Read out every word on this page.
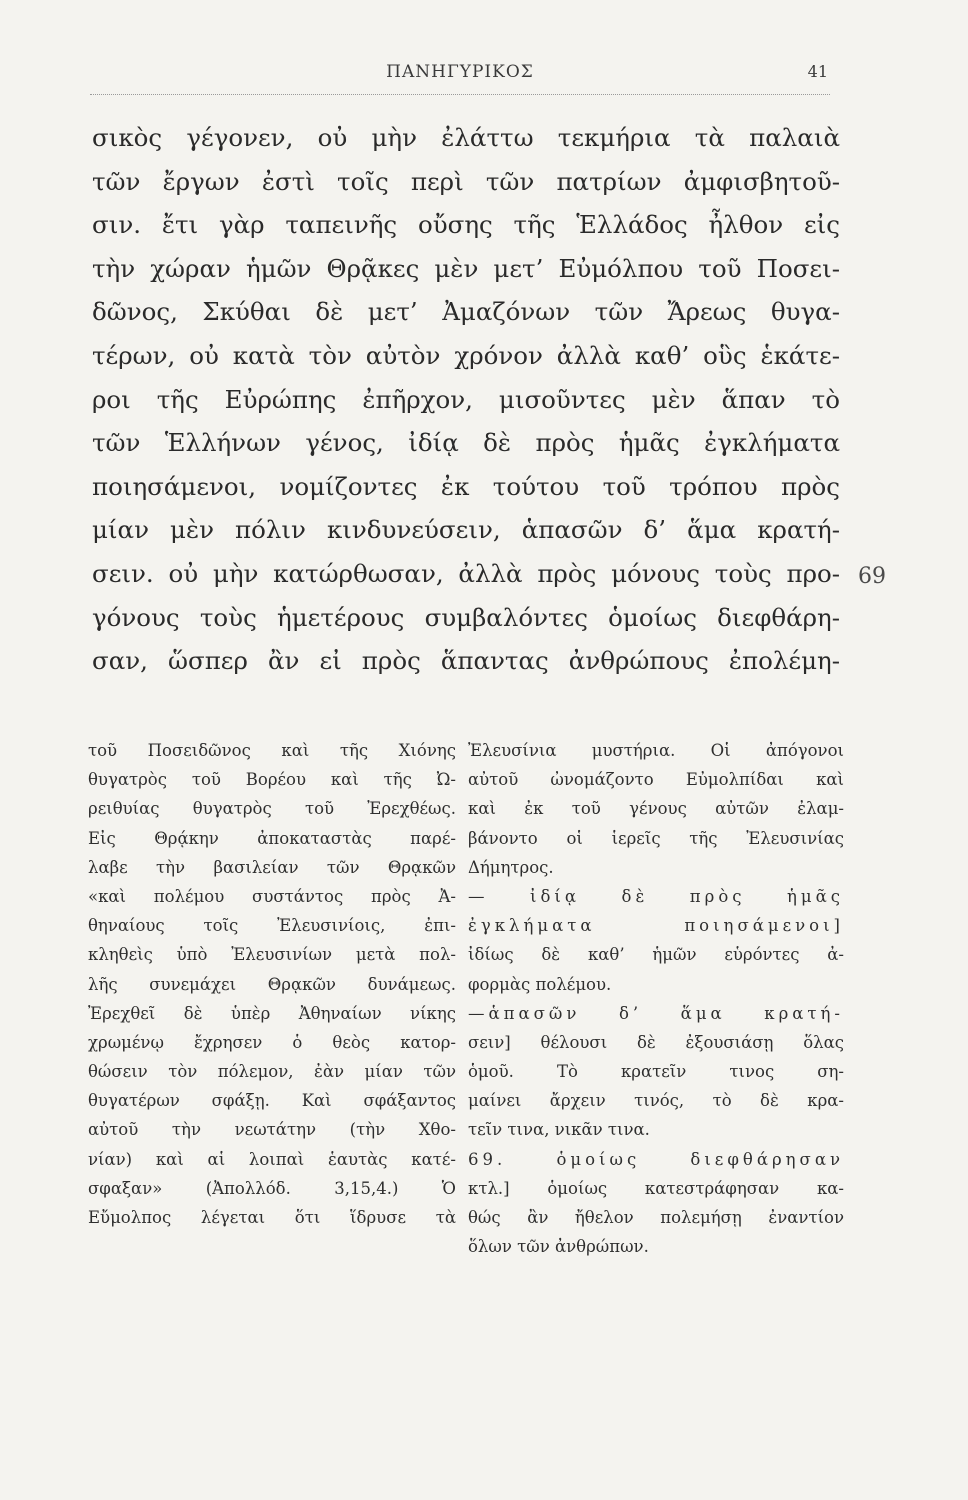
ΠΑΝΗΓΥΡΙΚΟΣ	41
σικὸς γέγονεν, οὐ μὴν ἐλάττω τεκμήρια τὰ παλαιὰ
τῶν ἔργων ἐστὶ τοῖς περὶ τῶν πατρίων ἀμφισβητοῦ-
σιν. ἔτι γὰρ ταπεινῆς οὔσης τῆς Ἑλλάδος ἦλθον εἰς
τὴν χώραν ἡμῶν Θρᾷκες μὲν μετ’ Εὐμόλπου τοῦ Ποσει-
δῶνος, Σκύθαι δὲ μετ’ Ἀμαζόνων τῶν Ἄρεως θυγα-
τέρων, οὐ κατὰ τὸν αὐτὸν χρόνον ἀλλὰ καθ’ οὓς ἑκάτε-
ροι τῆς Εὐρώπης ἐπῆρχον, μισοῦντες μὲν ἅπαν τὸ
τῶν Ἑλλήνων γένος, ἰδίᾳ δὲ πρὸς ἡμᾶς ἐγκλήματα
ποιησάμενοι, νομίζοντες ἐκ τούτου τοῦ τρόπου πρὸς
μίαν μὲν πόλιν κινδυνεύσειν, ἁπασῶν δ’ ἅμα κρατή-
σειν. οὐ μὴν κατώρθωσαν, ἀλλὰ πρὸς μόνους τοὺς προ-
γόνους τοὺς ἡμετέρους συμβαλόντες ὁμοίως διεφθάρη-
σαν, ὥσπερ ἂν εἰ πρὸς ἅπαντας ἀνθρώπους ἐπολέμη-
69
τοῦ Ποσειδῶνος καὶ τῆς Χιόνης
θυγατρὸς τοῦ Βορέου καὶ τῆς Ὠ-
ρειθυίας θυγατρὸς τοῦ Ἐρεχθέως.
Εἰς Θρᾴκην ἀποκαταστὰς παρέ-
λαβε τὴν βασιλείαν τῶν Θρᾳκῶν
«καὶ πολέμου συστάντος πρὸς Ἀ-
θηναίους τοῖς Ἐλευσινίοις, ἐπι-
κληθεὶς ὑπὸ Ἐλευσινίων μετὰ πολ-
λῆς συνεμάχει Θρᾳκῶν δυνάμεως.
Ἐρεχθεῖ δὲ ὑπὲρ Ἀθηναίων νίκης
χρωμένῳ ἔχρησεν ὁ θεὸς κατορ-
θώσειν τὸν πόλεμον, ἐὰν μίαν τῶν
θυγατέρων σφάξῃ. Καὶ σφάξαντος
αὐτοῦ τὴν νεωτάτην (τὴν Χθο-
νίαν) καὶ αἱ λοιπαὶ ἑαυτὰς κατέ-
σφαξαν» (Ἀπολλόδ. 3,15,4.) Ὁ
Εὔμολπος λέγεται ὅτι ἵδρυσε τὰ
Ἐλευσίνια μυστήρια. Οἱ ἀπόγονοι
αὐτοῦ ὠνομάζοντο Εὐμολπίδαι καὶ
καὶ ἐκ τοῦ γένους αὐτῶν ἐλαμ-
βάνοντο οἱ ἱερεῖς τῆς Ἐλευσινίας
Δήμητρος.
— ἰδίᾳ δὲ πρὸς ἡμᾶς
ἐγκλήματα ποιησάμενοι]
ἰδίως δὲ καθ’ ἡμῶν εὑρόντες ἀ-
φορμὰς πολέμου.
—ἁπασῶν δ’ ἅμα κρατή-
σειν] θέλουσι δὲ ἐξουσιάσῃ ὅλας
ὁμοῦ. Τὸ κρατεῖν τινος ση-
μαίνει ἄρχειν τινός, τὸ δὲ κρα-
τεῖν τινα, νικᾶν τινα.
69. ὁμοίως διεφθάρησαν
κτλ.] ὁμοίως κατεστράφησαν κα-
θώς ἂν ἤθελον πολεμήσῃ ἐναντίον
ὅλων τῶν ἀνθρώπων.
